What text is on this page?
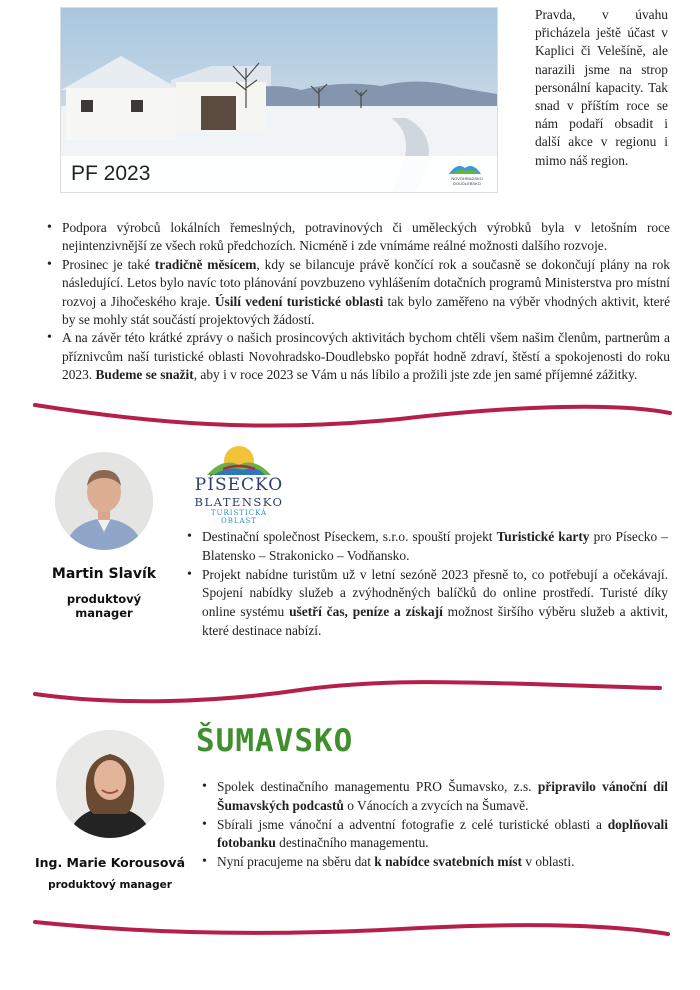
PF 2023	NOVOHRADSKO
DOUDLEBSKO
Pravda, v úvahu přicházela ještě účast v Kaplici či Velešíně, ale narazili jsme na strop personální kapacity. Tak snad v příštím roce se nám podaří obsadit i další akce v regionu i mimo náš region.
• Podpora výrobců lokálních řemeslných, potravinových či uměleckých výrobků byla v letošním roce nejintenzivnější ze všech roků předchozích. Nicméně i zde vnímáme reálné možnosti dalšího rozvoje.
• Prosinec je také tradičně měsícem, kdy se bilancuje právě končící rok a současně se dokončují plány na rok následující. Letos bylo navíc toto plánování povzbuzeno vyhlášením dotačních programů Ministerstva pro místní rozvoj a Jihočeského kraje. Úsilí vedení turistické oblasti tak bylo zaměřeno na výběr vhodných aktivit, které by se mohly stát součástí projektových žádostí.
• A na závěr této krátké zprávy o našich prosincových aktivitách bychom chtěli všem našim členům, partnerům a příznivcům naší turistické oblasti Novohradsko-Doudlebsko popřát hodně zdraví, štěstí a spokojenosti do roku 2023. Budeme se snažit, aby i v roce 2023 se Vám u nás líbilo a prožili jste zde jen samé příjemné zážitky.
Martin Slavík
produktový manager
PÍSECKO
BLATENSKO
TURISTICKÁ
OBLAST
• Destinační společnost Píseckem, s.r.o. spouští projekt Turistické karty pro Písecko – Blatensko – Strakonicko – Vodňansko.
• Projekt nabídne turistům už v letní sezóně 2023 přesně to, co potřebují a očekávají. Spojení nabídky služeb a zvýhodněných balíčků do online prostředí. Turisté díky online systému ušetří čas, peníze a získají možnost širšího výběru služeb a aktivit, které destinace nabízí.
Ing. Marie Korousová
produktový manager
ŠUMAVSKO
• Spolek destinačního managementu PRO Šumavsko, z.s. připravilo vánoční díl Šumavských podcastů o Vánocích a zvycích na Šumavě.
• Sbírali jsme vánoční a adventní fotografie z celé turistické oblasti a doplňovali fotobanku destinačního managementu.
• Nyní pracujeme na sběru dat k nabídce svatebních míst v oblasti.
